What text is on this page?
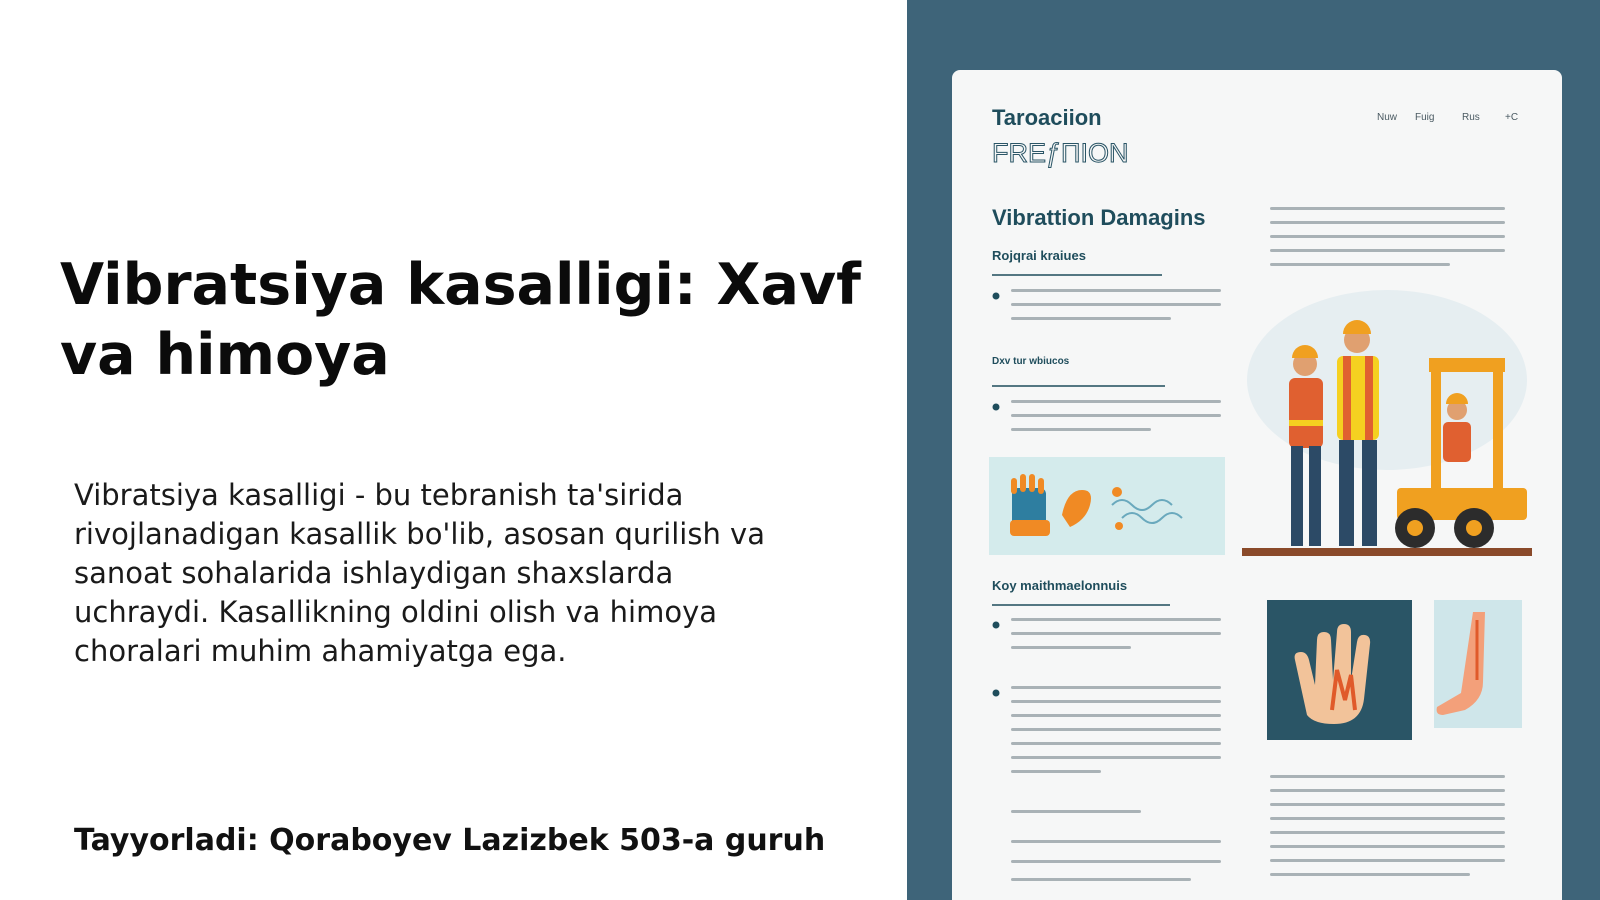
Vibratsiya kasalligi: Xavf va himoya

Vibratsiya kasalligi - bu tebranish ta'sirida rivojlanadigan kasallik bo'lib, asosan qurilish va sanoat sohalarida ishlaydigan shaxslarda uchraydi. Kasallikning oldini olish va himoya choralari muhim ahamiyatga ega.

Tayyorladi: Qoraboyev Lazizbek 503-a guruh

Taroaciion
FREƒΠION
Nuw Fuig	Rus	+C
Vibrattion Damagins
Rojqrai kraiues
Dxv tur wbiucos
Koy maithmaelonnuis
